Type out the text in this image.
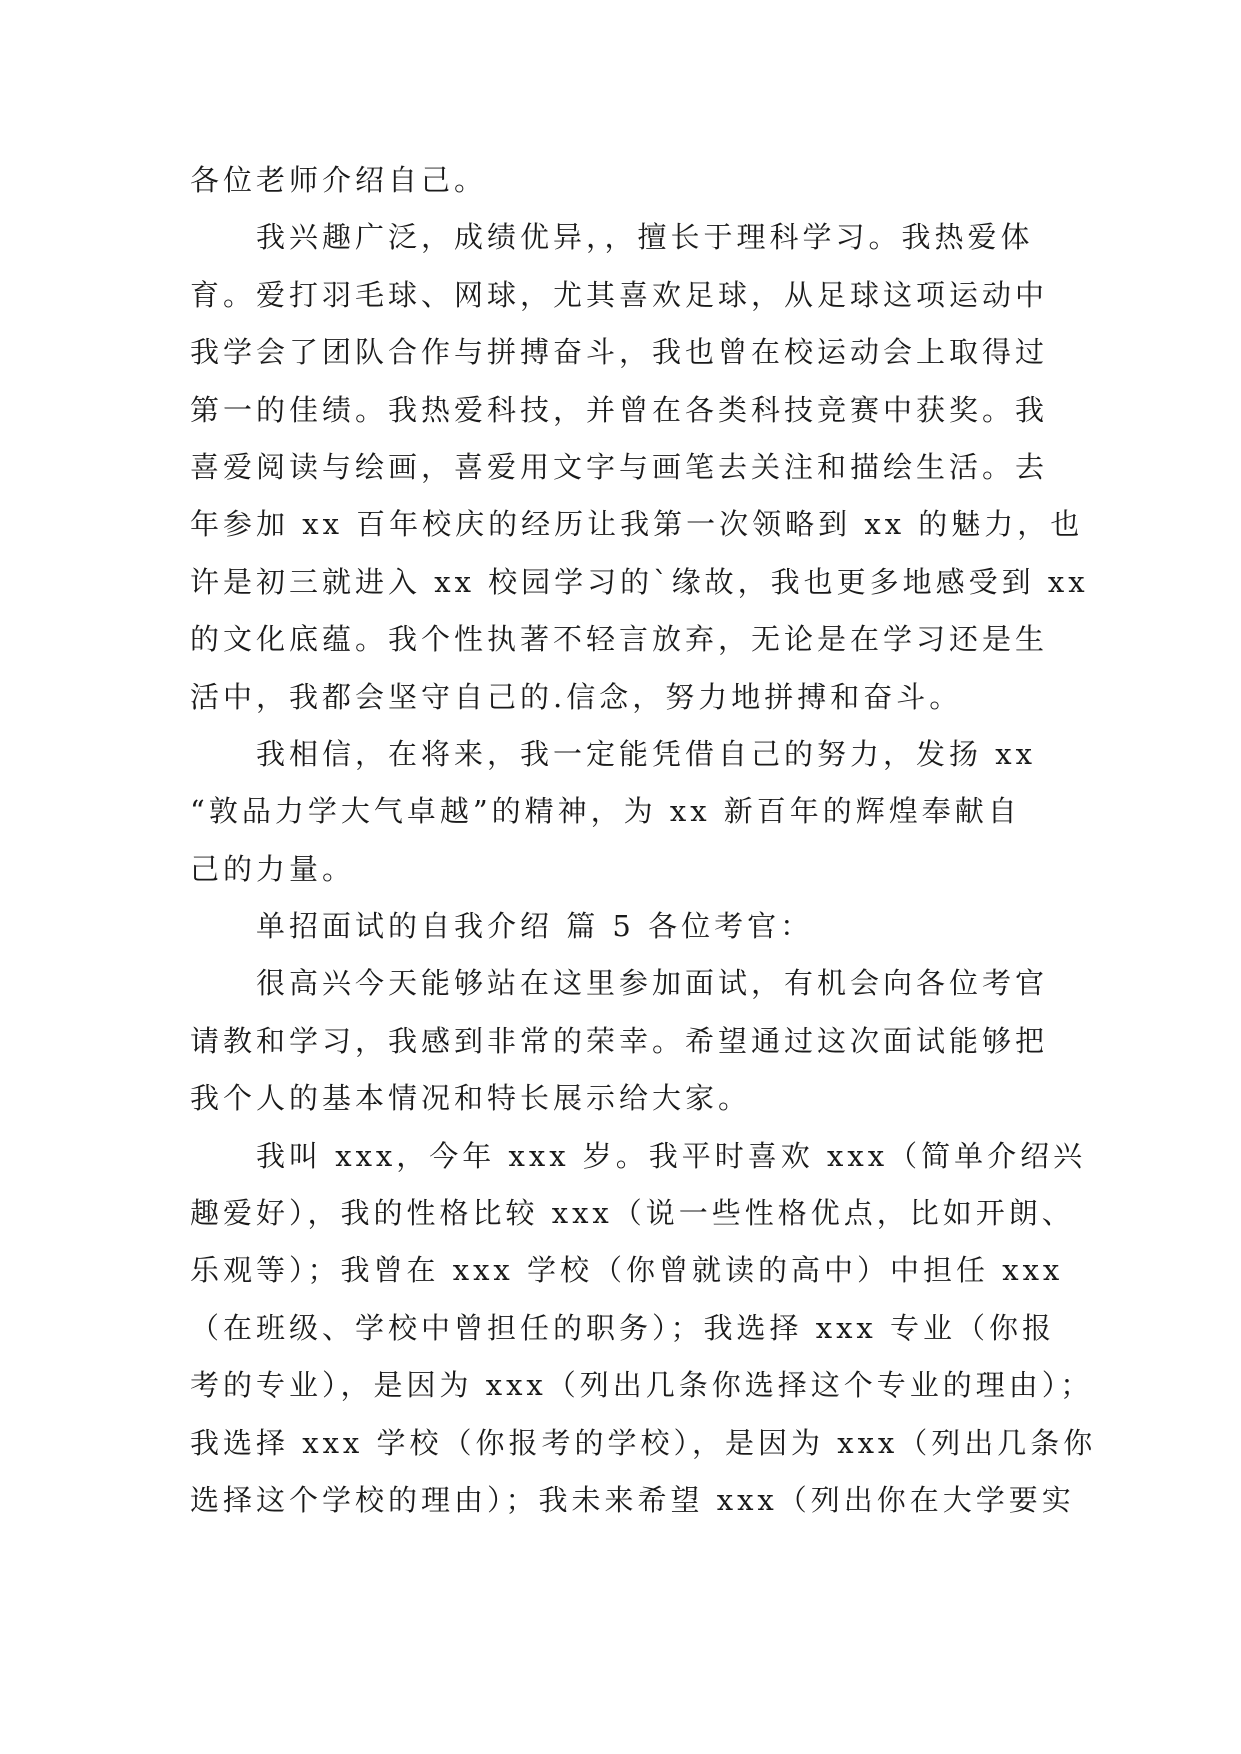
各位老师介绍自己。
我兴趣广泛，成绩优异，，擅长于理科学习。我热爱体
育。爱打羽毛球、网球，尤其喜欢足球，从足球这项运动中
我学会了团队合作与拼搏奋斗，我也曾在校运动会上取得过
第一的佳绩。我热爱科技，并曾在各类科技竞赛中获奖。我
喜爱阅读与绘画，喜爱用文字与画笔去关注和描绘生活。去
年参加 xx 百年校庆的经历让我第一次领略到 xx 的魅力，也
许是初三就进入 xx 校园学习的`缘故，我也更多地感受到 xx
的文化底蕴。我个性执著不轻言放弃，无论是在学习还是生
活中，我都会坚守自己的.信念，努力地拼搏和奋斗。
我相信，在将来，我一定能凭借自己的努力，发扬 xx
“敦品力学大气卓越”的精神，为 xx 新百年的辉煌奉献自
己的力量。
单招面试的自我介绍 篇 5 各位考官：
很高兴今天能够站在这里参加面试，有机会向各位考官
请教和学习，我感到非常的荣幸。希望通过这次面试能够把
我个人的基本情况和特长展示给大家。
我叫 xxx，今年 xxx 岁。我平时喜欢 xxx（简单介绍兴
趣爱好），我的性格比较 xxx（说一些性格优点，比如开朗、
乐观等）；我曾在 xxx 学校（你曾就读的高中）中担任 xxx
（在班级、学校中曾担任的职务）；我选择 xxx 专业（你报
考的专业），是因为 xxx（列出几条你选择这个专业的理由）；
我选择 xxx 学校（你报考的学校），是因为 xxx（列出几条你
选择这个学校的理由）；我未来希望 xxx（列出你在大学要实
